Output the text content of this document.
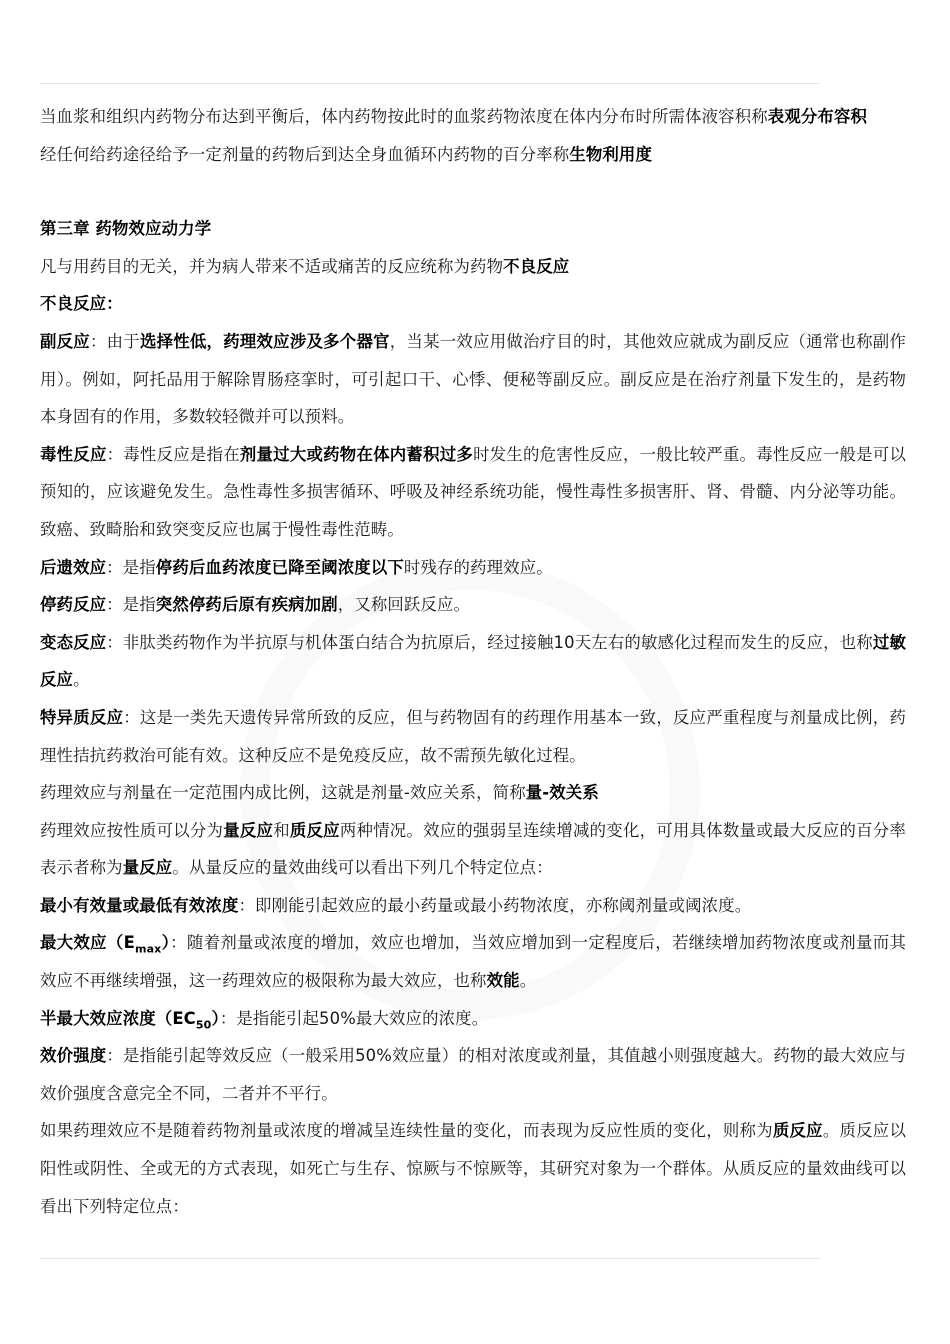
当血浆和组织内药物分布达到平衡后，体内药物按此时的血浆药物浓度在体内分布时所需体液容积称表观分布容积

经任何给药途径给予一定剂量的药物后到达全身血循环内药物的百分率称生物利用度

第三章 药物效应动力学

凡与用药目的无关，并为病人带来不适或痛苦的反应统称为药物不良反应

不良反应：

副反应：由于选择性低，药理效应涉及多个器官，当某一效应用做治疗目的时，其他效应就成为副反应（通常也称副作用）。例如，阿托品用于解除胃肠痉挛时，可引起口干、心悸、便秘等副反应。副反应是在治疗剂量下发生的，是药物本身固有的作用，多数较轻微并可以预料。

毒性反应：毒性反应是指在剂量过大或药物在体内蓄积过多时发生的危害性反应，一般比较严重。毒性反应一般是可以预知的，应该避免发生。急性毒性多损害循环、呼吸及神经系统功能，慢性毒性多损害肝、肾、骨髓、内分泌等功能。致癌、致畸胎和致突变反应也属于慢性毒性范畴。

后遗效应：是指停药后血药浓度已降至阈浓度以下时残存的药理效应。

停药反应：是指突然停药后原有疾病加剧，又称回跃反应。

变态反应：非肽类药物作为半抗原与机体蛋白结合为抗原后，经过接触10天左右的敏感化过程而发生的反应，也称过敏反应。

特异质反应：这是一类先天遗传异常所致的反应，但与药物固有的药理作用基本一致，反应严重程度与剂量成比例，药理性拮抗药救治可能有效。这种反应不是免疫反应，故不需预先敏化过程。

药理效应与剂量在一定范围内成比例，这就是剂量-效应关系，简称量-效关系

药理效应按性质可以分为量反应和质反应两种情况。效应的强弱呈连续增减的变化，可用具体数量或最大反应的百分率表示者称为量反应。从量反应的量效曲线可以看出下列几个特定位点：

最小有效量或最低有效浓度：即刚能引起效应的最小药量或最小药物浓度，亦称阈剂量或阈浓度。

最大效应$(E_{max})$：随着剂量或浓度的增加，效应也增加，当效应增加到一定程度后，若继续增加药物浓度或剂量而其效应不再继续增强，这一药理效应的极限称为最大效应，也称效能。

半最大效应浓度$(EC_{50})$：是指能引起50%最大效应的浓度。

效价强度：是指能引起等效反应（一般采用50%效应量）的相对浓度或剂量，其值越小则强度越大。药物的最大效应与效价强度含意完全不同，二者并不平行。

如果药理效应不是随着药物剂量或浓度的增减呈连续性量的变化，而表现为反应性质的变化，则称为质反应。质反应以阳性或阴性、全或无的方式表现，如死亡与生存、惊厥与不惊厥等，其研究对象为一个群体。从质反应的量效曲线可以看出下列特定位点：
